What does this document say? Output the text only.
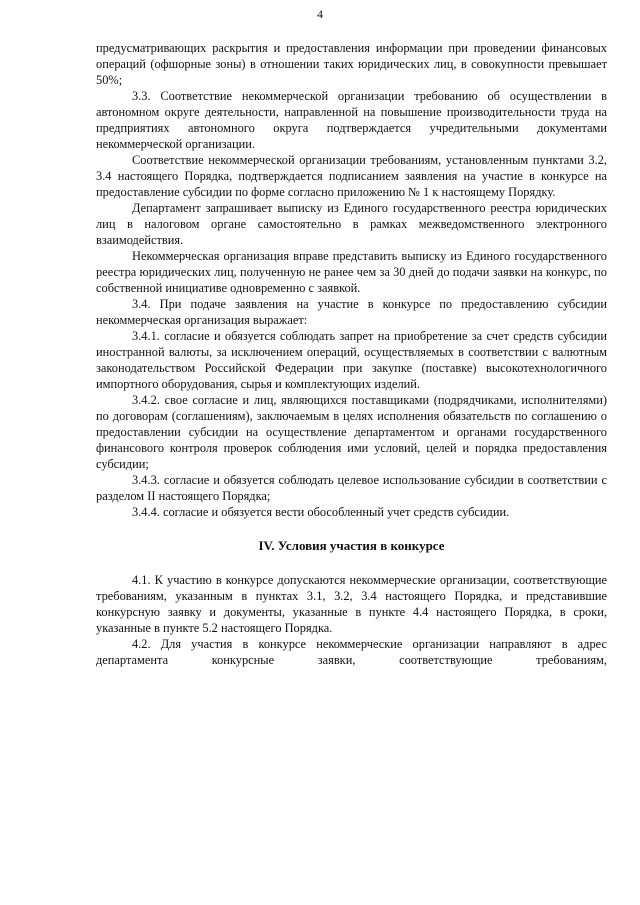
4

предусматривающих раскрытия и предоставления информации при проведении финансовых операций (офшорные зоны) в отношении таких юридических лиц, в совокупности превышает 50%;

3.3. Соответствие некоммерческой организации требованию об осуществлении в автономном округе деятельности, направленной на повышение производительности труда на предприятиях автономного округа подтверждается учредительными документами некоммерческой организации.

Соответствие некоммерческой организации требованиям, установленным пунктами 3.2, 3.4 настоящего Порядка, подтверждается подписанием заявления на участие в конкурсе на предоставление субсидии по форме согласно приложению № 1 к настоящему Порядку.

Департамент запрашивает выписку из Единого государственного реестра юридических лиц в налоговом органе самостоятельно в рамках межведомственного электронного взаимодействия.

Некоммерческая организация вправе представить выписку из Единого государственного реестра юридических лиц, полученную не ранее чем за 30 дней до подачи заявки на конкурс, по собственной инициативе одновременно с заявкой.

3.4. При подаче заявления на участие в конкурсе по предоставлению субсидии некоммерческая организация выражает:

3.4.1. согласие и обязуется соблюдать запрет на приобретение за счет средств субсидии иностранной валюты, за исключением операций, осуществляемых в соответствии с валютным законодательством Российской Федерации при закупке (поставке) высокотехнологичного импортного оборудования, сырья и комплектующих изделий.

3.4.2. свое согласие и лиц, являющихся поставщиками (подрядчиками, исполнителями) по договорам (соглашениям), заключаемым в целях исполнения обязательств по соглашению о предоставлении субсидии на осуществление департаментом и органами государственного финансового контроля проверок соблюдения ими условий, целей и порядка предоставления субсидии;

3.4.3. согласие и обязуется соблюдать целевое использование субсидии в соответствии с разделом II настоящего Порядка;

3.4.4. согласие и обязуется вести обособленный учет средств субсидии.

IV. Условия участия в конкурсе

4.1. К участию в конкурсе допускаются некоммерческие организации, соответствующие требованиям, указанным в пунктах 3.1, 3.2, 3.4 настоящего Порядка, и представившие конкурсную заявку и документы, указанные в пункте 4.4 настоящего Порядка, в сроки, указанные в пункте 5.2 настоящего Порядка.

4.2. Для участия в конкурсе некоммерческие организации направляют в адрес департамента конкурсные заявки, соответствующие требованиям,
